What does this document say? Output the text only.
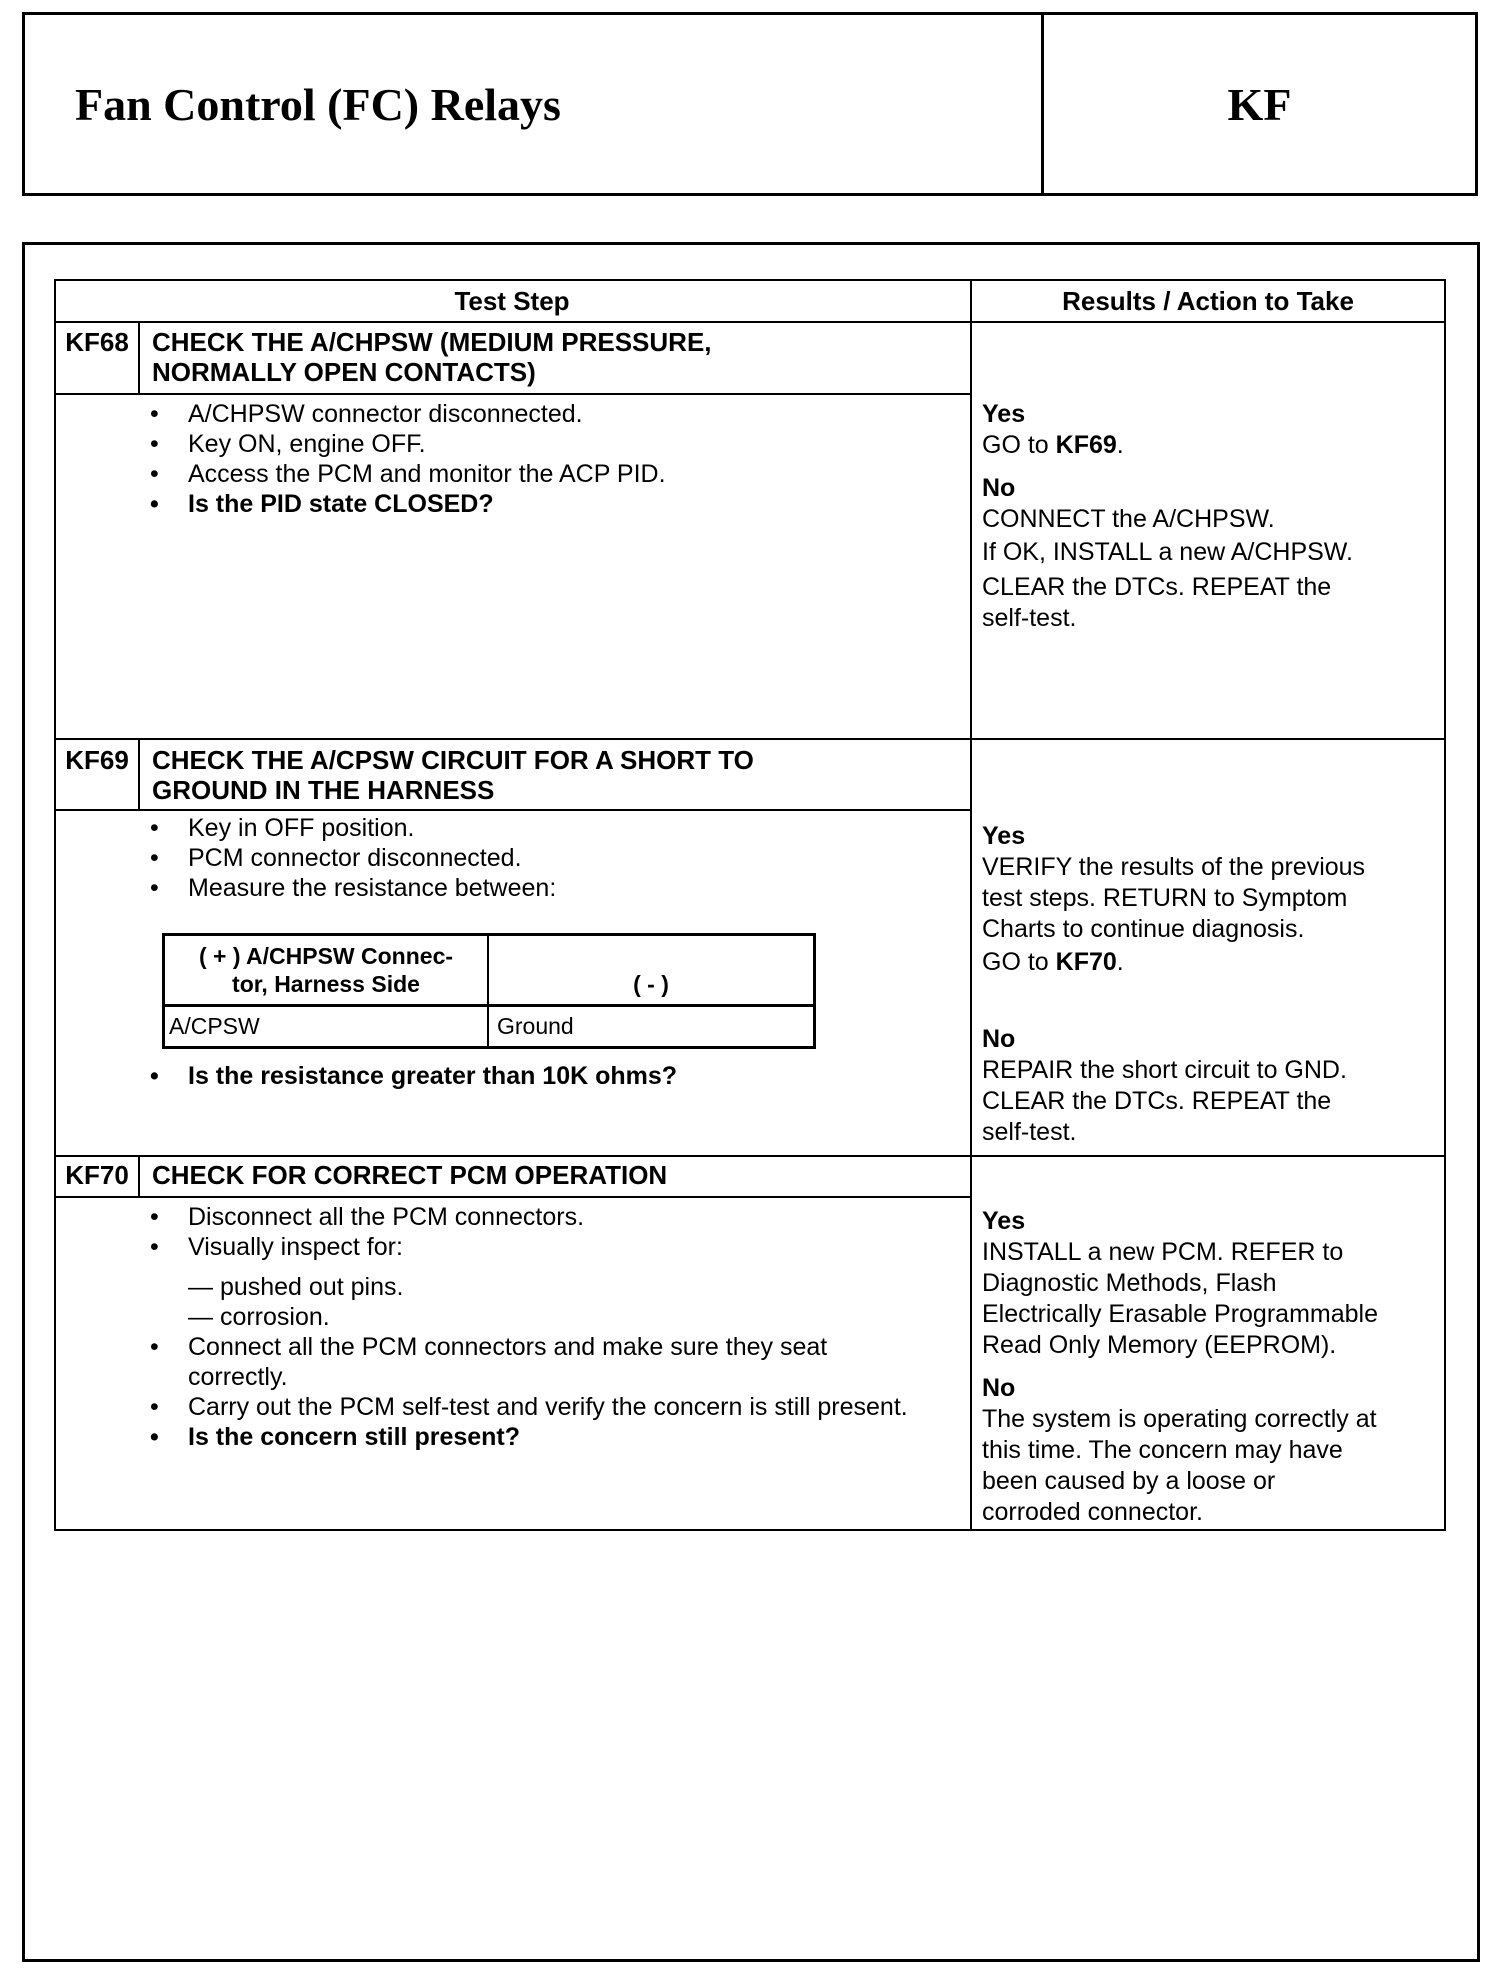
Fan Control (FC) Relays	KF
Test Step	Results / Action to Take
KF68 CHECK THE A/CHPSW (MEDIUM PRESSURE,
NORMALLY OPEN CONTACTS)
• A/CHPSW connector disconnected.
• Key ON, engine OFF.
• Access the PCM and monitor the ACP PID.
• Is the PID state CLOSED?
Yes
GO to KF69.
No
CONNECT the A/CHPSW.
If OK, INSTALL a new A/CHPSW.
CLEAR the DTCs. REPEAT the
self-test.
KF69 CHECK THE A/CPSW CIRCUIT FOR A SHORT TO
GROUND IN THE HARNESS
• Key in OFF position.
• PCM connector disconnected.
• Measure the resistance between:
( + ) A/CHPSW Connec-
tor, Harness Side	( - )
A/CPSW	Ground
• Is the resistance greater than 10K ohms?
Yes
VERIFY the results of the previous
test steps. RETURN to Symptom
Charts to continue diagnosis.
GO to KF70.
No
REPAIR the short circuit to GND.
CLEAR the DTCs. REPEAT the
self-test.
KF70 CHECK FOR CORRECT PCM OPERATION
• Disconnect all the PCM connectors.
• Visually inspect for:
— pushed out pins.
— corrosion.
• Connect all the PCM connectors and make sure they seat correctly.
• Carry out the PCM self-test and verify the concern is still present.
• Is the concern still present?
Yes
INSTALL a new PCM. REFER to
Diagnostic Methods, Flash
Electrically Erasable Programmable
Read Only Memory (EEPROM).
No
The system is operating correctly at
this time. The concern may have
been caused by a loose or
corroded connector.
